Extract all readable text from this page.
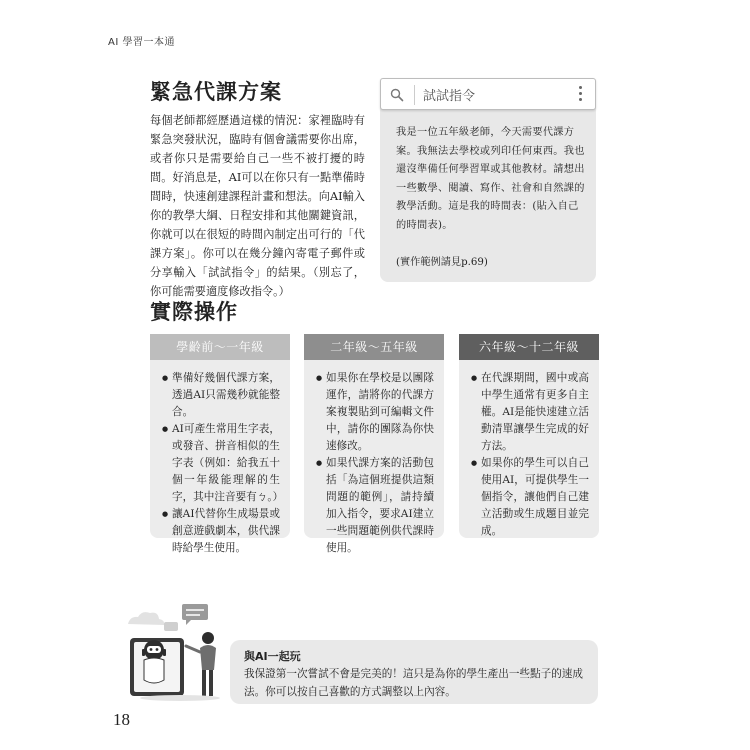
AI 學習一本通
緊急代課方案

每個老師都經歷過這樣的情況：家裡臨時有緊急突發狀況，臨時有個會議需要你出席，或者你只是需要給自己一些不被打擾的時間。好消息是，AI可以在你只有一點準備時間時，快速創建課程計畫和想法。向AI輸入你的教學大綱、日程安排和其他關鍵資訊，你就可以在很短的時間內制定出可行的「代課方案」。你可以在幾分鐘內寄電子郵件或分享輸入「試試指令」的結果。（別忘了，你可能需要適度修改指令。）

試試指令

我是一位五年級老師，今天需要代課方案。我無法去學校或列印任何東西。我也還沒準備任何學習單或其他教材。請想出一些數學、閱讀、寫作、社會和自然課的教學活動。這是我的時間表：(貼入自己的時間表)。

(實作範例請見p.69)

實際操作
學齡前～一年級
● 準備好幾個代課方案，透過AI只需幾秒就能整合。
● AI可產生常用生字表，或發音、拼音相似的生字表（例如：給我五十個一年級能理解的生字，其中注音要有ㄅ。）
● 讓AI代替你生成場景或創意遊戲劇本，供代課時給學生使用。
二年級～五年級
● 如果你在學校是以團隊運作，請將你的代課方案複製貼到可編輯文件中，請你的團隊為你快速修改。
● 如果代課方案的活動包括「為這個班提供這類問題的範例」，請持續加入指令，要求AI建立一些問題範例供代課時使用。
六年級～十二年級
● 在代課期間，國中或高中學生通常有更多自主權。AI是能快速建立活動清單讓學生完成的好方法。
● 如果你的學生可以自己使用AI，可提供學生一個指令，讓他們自己建立活動或生成題目並完成。
與AI一起玩

我保證第一次嘗試不會是完美的！這只是為你的學生產出一些點子的速成法。你可以按自己喜歡的方式調整以上內容。

18
